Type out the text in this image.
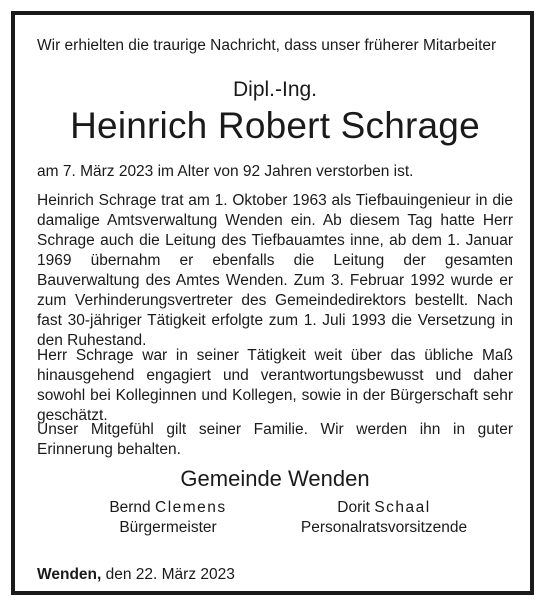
Wir erhielten die traurige Nachricht, dass unser früherer Mitarbeiter

Dipl.-Ing.
Heinrich Robert Schrage

am 7. März 2023 im Alter von 92 Jahren verstorben ist.

Heinrich Schrage trat am 1. Oktober 1963 als Tiefbauingenieur in die damalige Amtsverwaltung Wenden ein. Ab diesem Tag hatte Herr Schrage auch die Leitung des Tiefbauamtes inne, ab dem 1. Januar 1969 übernahm er ebenfalls die Leitung der gesamten Bauverwaltung des Amtes Wenden. Zum 3. Februar 1992 wurde er zum Verhinderungsvertreter des Gemeindedirektors bestellt. Nach fast 30-jähriger Tätigkeit erfolgte zum 1. Juli 1993 die Versetzung in den Ruhestand.

Herr Schrage war in seiner Tätigkeit weit über das übliche Maß hinausgehend engagiert und verantwortungsbewusst und daher sowohl bei Kolleginnen und Kollegen, sowie in der Bürgerschaft sehr geschätzt.

Unser Mitgefühl gilt seiner Familie. Wir werden ihn in guter Erinnerung behalten.

Gemeinde Wenden
Bernd Clemens
Bürgermeister
Dorit Schaal
Personalratsvorsitzende

Wenden, den 22. März 2023
